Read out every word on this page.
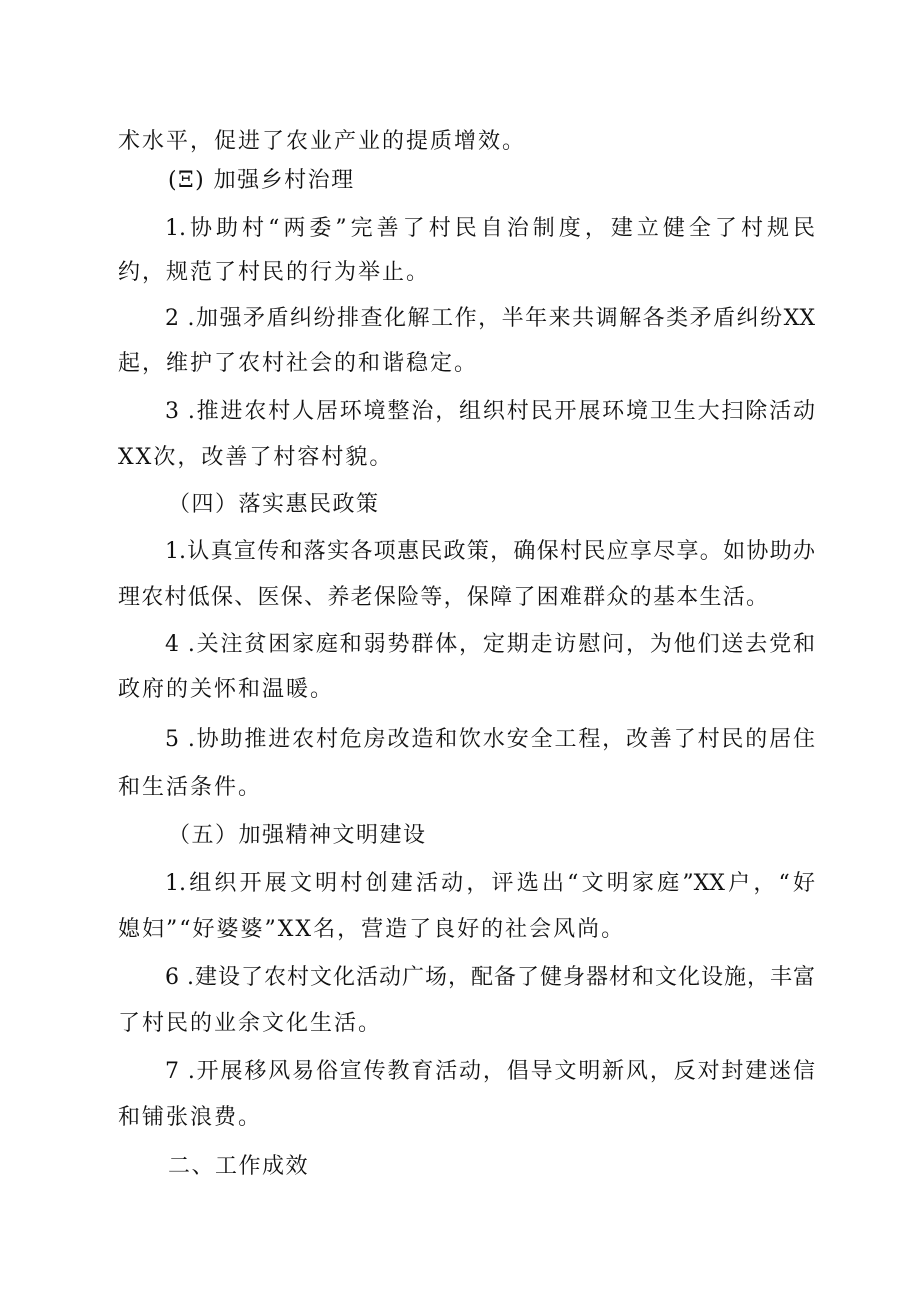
术水平，促进了农业产业的提质增效。
(Ξ) 加强乡村治理
1.协助村“两委”完善了村民自治制度，建立健全了村规民
约，规范了村民的行为举止。
2 .加强矛盾纠纷排查化解工作，半年来共调解各类矛盾纠纷XX
起，维护了农村社会的和谐稳定。
3 .推进农村人居环境整治，组织村民开展环境卫生大扫除活动
XX次，改善了村容村貌。
（四）落实惠民政策
1.认真宣传和落实各项惠民政策，确保村民应享尽享。如协助办
理农村低保、医保、养老保险等，保障了困难群众的基本生活。
4 .关注贫困家庭和弱势群体，定期走访慰问，为他们送去党和
政府的关怀和温暖。
5 .协助推进农村危房改造和饮水安全工程，改善了村民的居住
和生活条件。
（五）加强精神文明建设
1.组织开展文明村创建活动，评选出“文明家庭”XX户，“好
媳妇”“好婆婆”XX名，营造了良好的社会风尚。
6 .建设了农村文化活动广场，配备了健身器材和文化设施，丰富
了村民的业余文化生活。
7 .开展移风易俗宣传教育活动，倡导文明新风，反对封建迷信
和铺张浪费。
二、工作成效
